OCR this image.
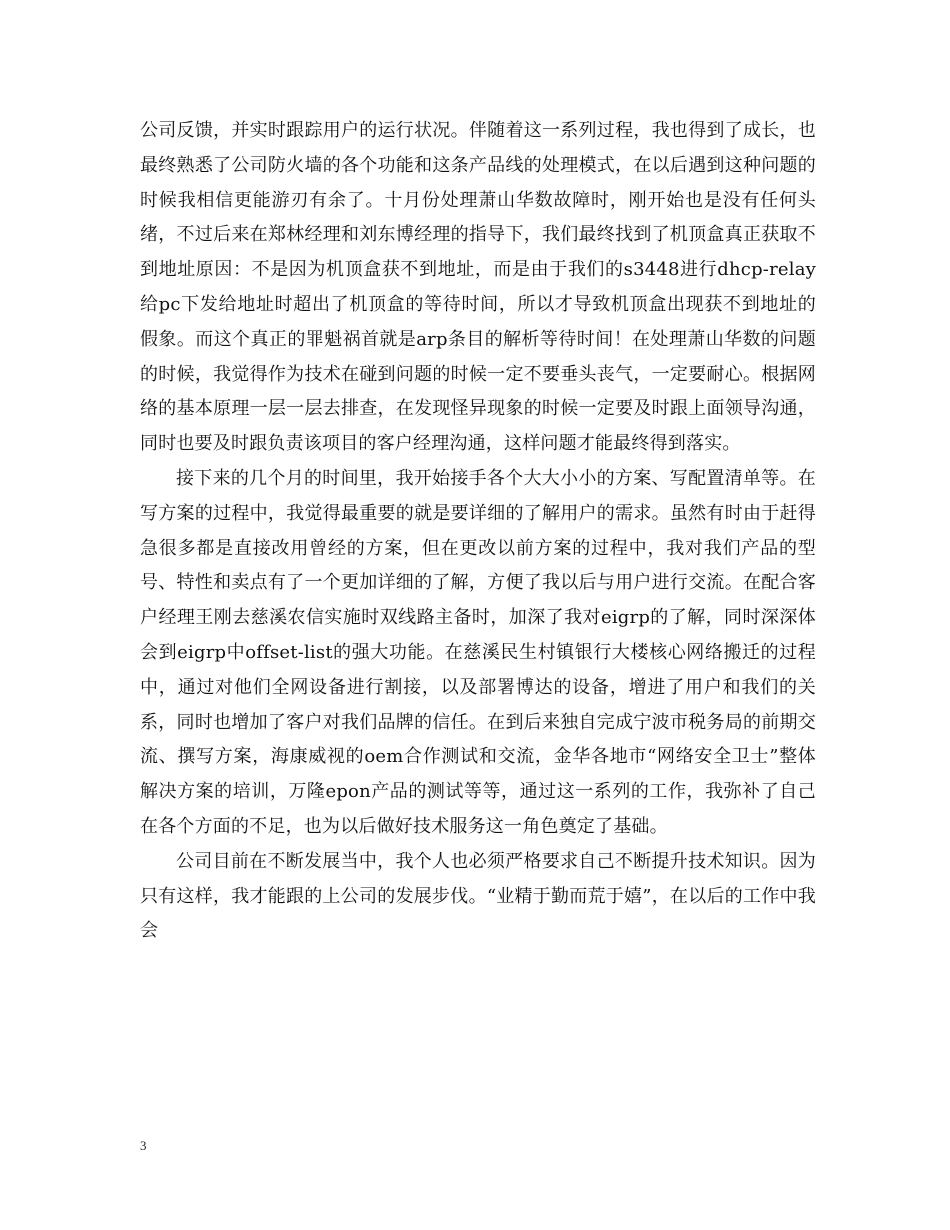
公司反馈，并实时跟踪用户的运行状况。伴随着这一系列过程，我也得到了成长，也最终熟悉了公司防火墙的各个功能和这条产品线的处理模式，在以后遇到这种问题的时候我相信更能游刃有余了。十月份处理萧山华数故障时，刚开始也是没有任何头绪，不过后来在郑林经理和刘东博经理的指导下，我们最终找到了机顶盒真正获取不到地址原因：不是因为机顶盒获不到地址，而是由于我们的s3448进行dhcp-relay给pc下发给地址时超出了机顶盒的等待时间，所以才导致机顶盒出现获不到地址的假象。而这个真正的罪魁祸首就是arp条目的解析等待时间！在处理萧山华数的问题的时候，我觉得作为技术在碰到问题的时候一定不要垂头丧气，一定要耐心。根据网络的基本原理一层一层去排查，在发现怪异现象的时候一定要及时跟上面领导沟通，同时也要及时跟负责该项目的客户经理沟通，这样问题才能最终得到落实。

接下来的几个月的时间里，我开始接手各个大大小小的方案、写配置清单等。在写方案的过程中，我觉得最重要的就是要详细的了解用户的需求。虽然有时由于赶得急很多都是直接改用曾经的方案，但在更改以前方案的过程中，我对我们产品的型号、特性和卖点有了一个更加详细的了解，方便了我以后与用户进行交流。在配合客户经理王刚去慈溪农信实施时双线路主备时，加深了我对eigrp的了解，同时深深体会到eigrp中offset-list的强大功能。在慈溪民生村镇银行大楼核心网络搬迁的过程中，通过对他们全网设备进行割接，以及部署博达的设备，增进了用户和我们的关系，同时也增加了客户对我们品牌的信任。在到后来独自完成宁波市税务局的前期交流、撰写方案，海康威视的oem合作测试和交流，金华各地市“网络安全卫士”整体解决方案的培训，万隆epon产品的测试等等，通过这一系列的工作，我弥补了自己在各个方面的不足，也为以后做好技术服务这一角色奠定了基础。

公司目前在不断发展当中，我个人也必须严格要求自己不断提升技术知识。因为只有这样，我才能跟的上公司的发展步伐。“业精于勤而荒于嬉”，在以后的工作中我会

3
